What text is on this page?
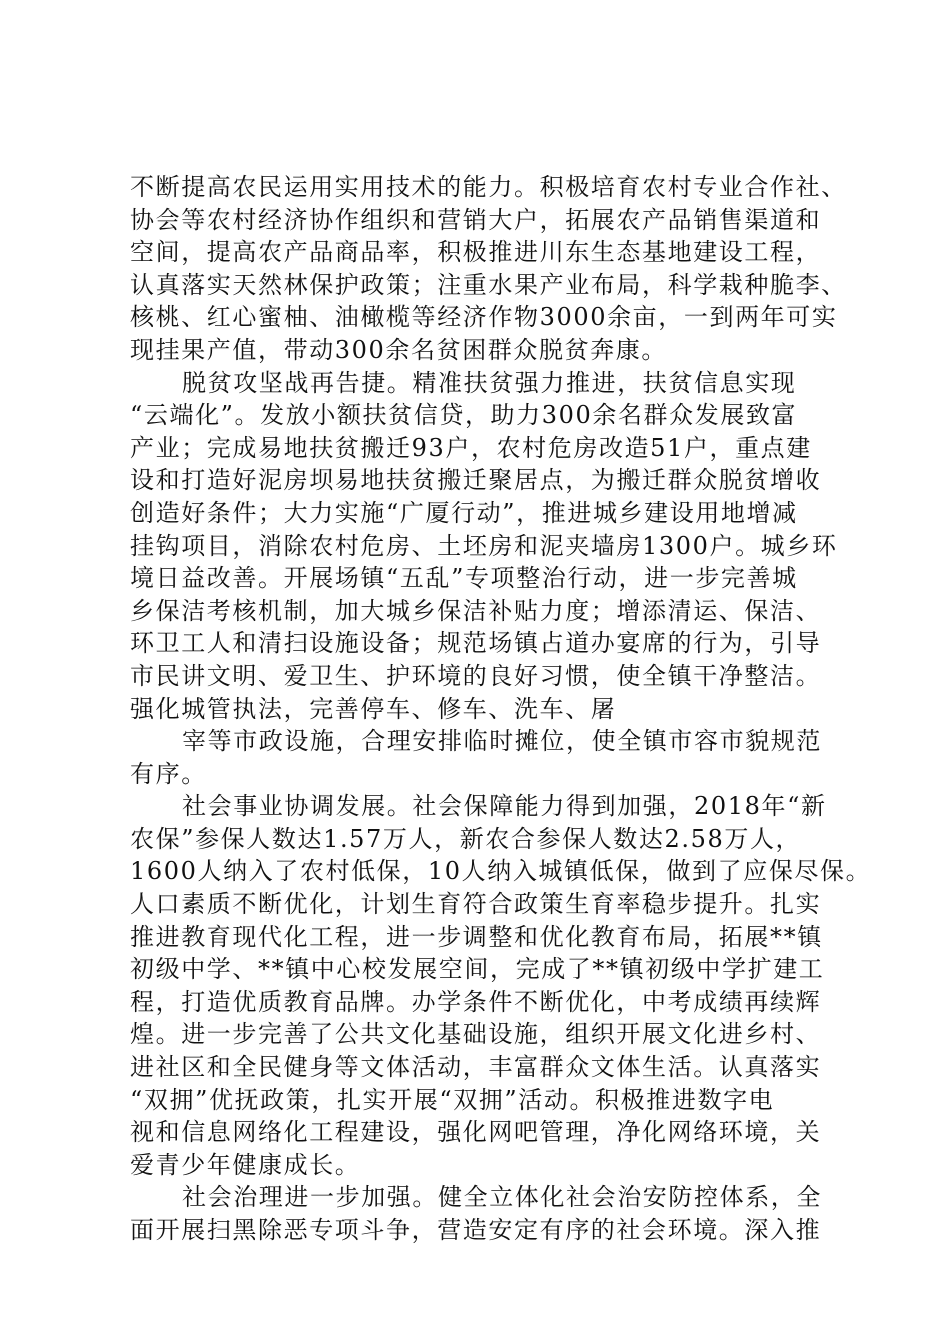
不断提高农民运用实用技术的能力。积极培育农村专业合作社、
协会等农村经济协作组织和营销大户，拓展农产品销售渠道和
空间，提高农产品商品率，积极推进川东生态基地建设工程，
认真落实天然林保护政策；注重水果产业布局，科学栽种脆李、
核桃、红心蜜柚、油橄榄等经济作物3000余亩，一到两年可实
现挂果产值，带动300余名贫困群众脱贫奔康。
脱贫攻坚战再告捷。精准扶贫强力推进，扶贫信息实现
“云端化”。发放小额扶贫信贷，助力300余名群众发展致富
产业；完成易地扶贫搬迁93户，农村危房改造51户，重点建
设和打造好泥房坝易地扶贫搬迁聚居点，为搬迁群众脱贫增收
创造好条件；大力实施“广厦行动”，推进城乡建设用地增减
挂钩项目，消除农村危房、土坯房和泥夹墙房1300户。城乡环
境日益改善。开展场镇“五乱”专项整治行动，进一步完善城
乡保洁考核机制，加大城乡保洁补贴力度；增添清运、保洁、
环卫工人和清扫设施设备；规范场镇占道办宴席的行为，引导
市民讲文明、爱卫生、护环境的良好习惯，使全镇干净整洁。
强化城管执法，完善停车、修车、洗车、屠
宰等市政设施，合理安排临时摊位，使全镇市容市貌规范
有序。
社会事业协调发展。社会保障能力得到加强，2018年“新
农保”参保人数达1.57万人，新农合参保人数达2.58万人，
1600人纳入了农村低保，10人纳入城镇低保，做到了应保尽保。
人口素质不断优化，计划生育符合政策生育率稳步提升。扎实
推进教育现代化工程，进一步调整和优化教育布局，拓展**镇
初级中学、**镇中心校发展空间，完成了**镇初级中学扩建工
程，打造优质教育品牌。办学条件不断优化，中考成绩再续辉
煌。进一步完善了公共文化基础设施，组织开展文化进乡村、
进社区和全民健身等文体活动，丰富群众文体生活。认真落实
“双拥”优抚政策，扎实开展“双拥”活动。积极推进数字电
视和信息网络化工程建设，强化网吧管理，净化网络环境，关
爱青少年健康成长。
社会治理进一步加强。健全立体化社会治安防控体系，全
面开展扫黑除恶专项斗争，营造安定有序的社会环境。深入推
